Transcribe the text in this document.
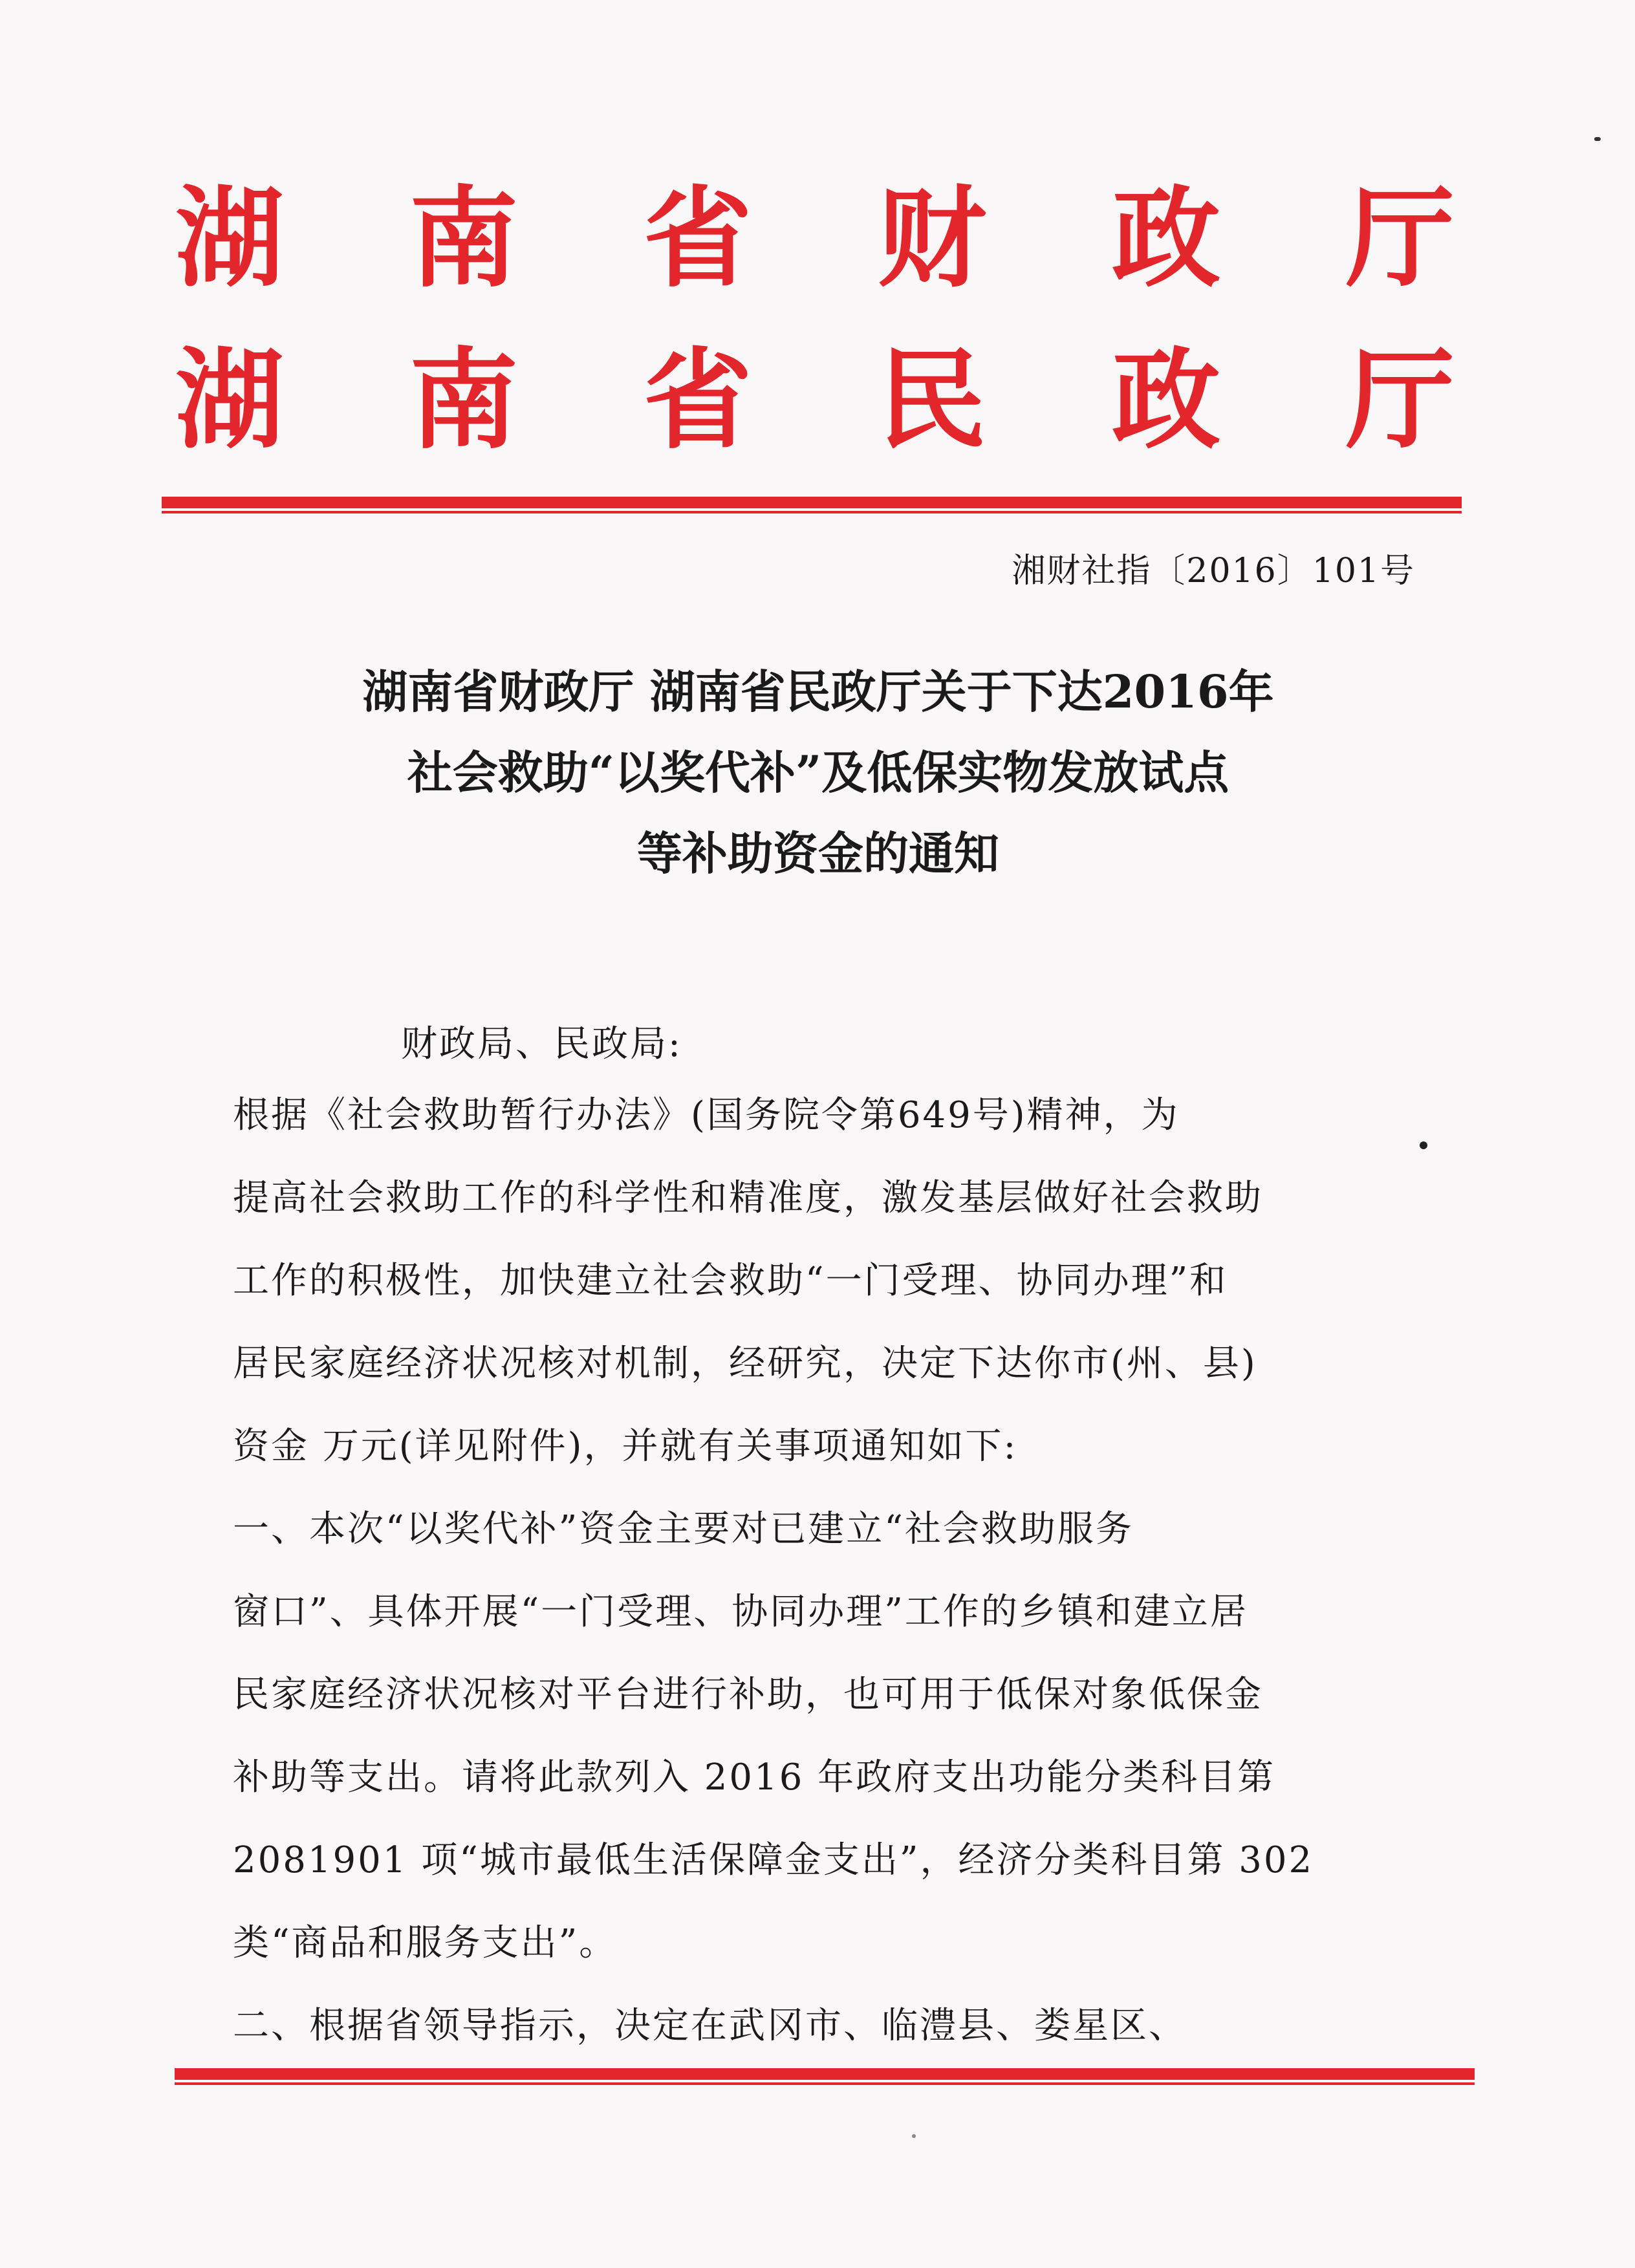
湖 南 省 财 政 厅
湖 南 省 民 政 厅
湘财社指〔2016〕101号
湖南省财政厅 湖南省民政厅关于下达2016年
社会救助“以奖代补”及低保实物发放试点
等补助资金的通知
财政局、民政局:
根据《社会救助暂行办法》(国务院令第649号)精神，为
提高社会救助工作的科学性和精准度，激发基层做好社会救助
工作的积极性，加快建立社会救助“一门受理、协同办理”和
居民家庭经济状况核对机制，经研究，决定下达你市(州、县)
资金 万元(详见附件)，并就有关事项通知如下:
一、本次“以奖代补”资金主要对已建立“社会救助服务
窗口”、具体开展“一门受理、协同办理”工作的乡镇和建立居
民家庭经济状况核对平台进行补助，也可用于低保对象低保金
补助等支出。请将此款列入 2016 年政府支出功能分类科目第
2081901 项“城市最低生活保障金支出”，经济分类科目第 302
类“商品和服务支出”。
二、根据省领导指示，决定在武冈市、临澧县、娄星区、
